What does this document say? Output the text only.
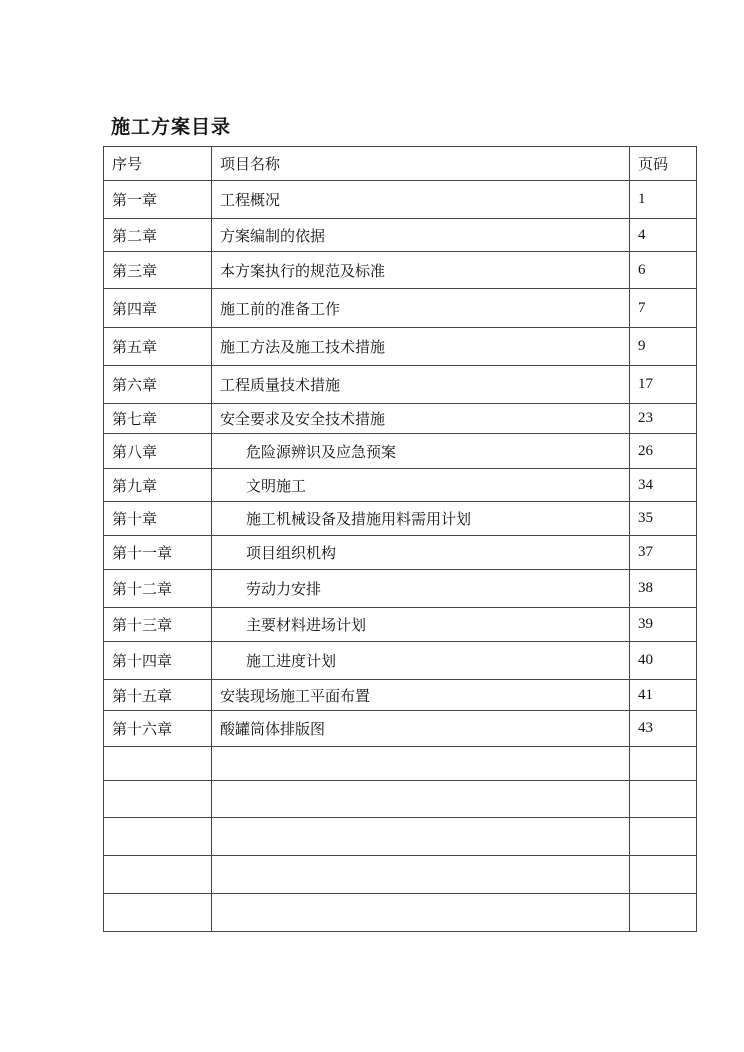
施工方案目录
序号	项目名称	页码
第一章	工程概况	1
第二章	方案编制的依据	4
第三章	本方案执行的规范及标准	6
第四章	施工前的准备工作	7
第五章	施工方法及施工技术措施	9
第六章	工程质量技术措施	17
第七章	安全要求及安全技术措施	23
第八章	危险源辨识及应急预案	26
第九章	文明施工	34
第十章	施工机械设备及措施用料需用计划	35
第十一章	项目组织机构	37
第十二章	劳动力安排	38
第十三章	主要材料进场计划	39
第十四章	施工进度计划	40
第十五章	安装现场施工平面布置	41
第十六章	酸罐筒体排版图	43
